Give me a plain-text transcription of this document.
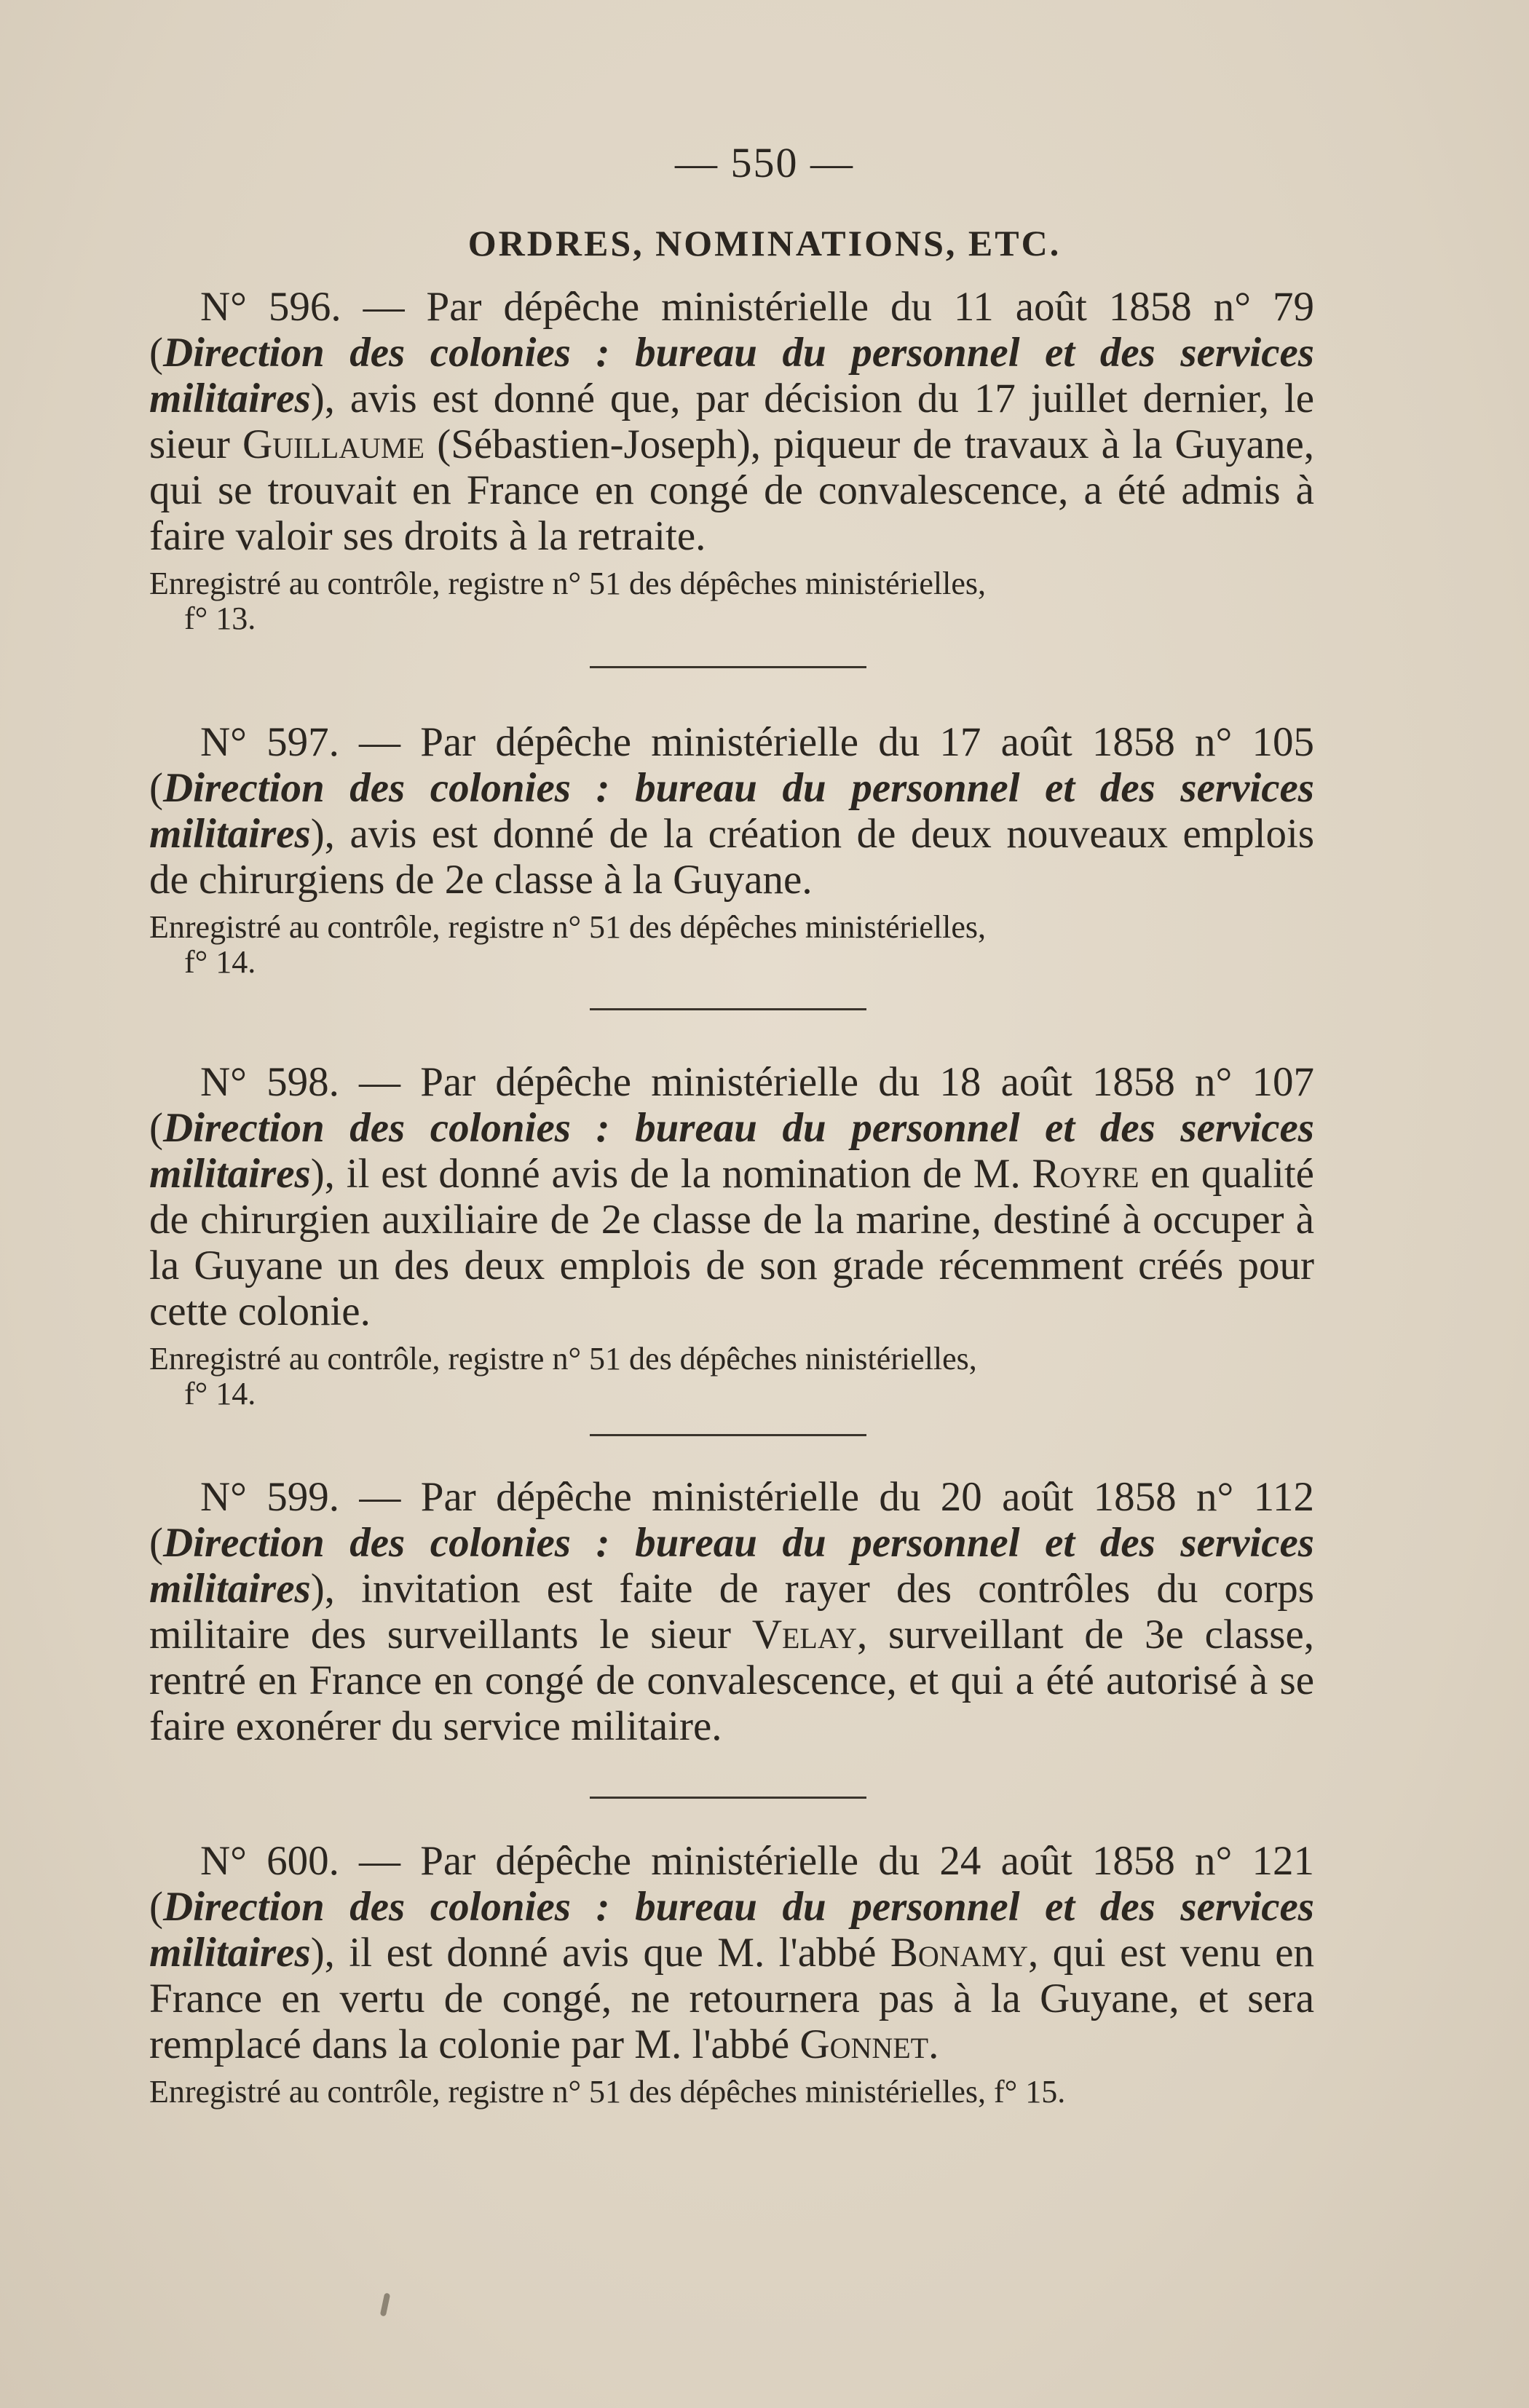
— 550 —
ORDRES, NOMINATIONS, ETC.

N° 596. — Par dépêche ministérielle du 11 août 1858 n° 79 (Direction des colonies : bureau du personnel et des services militaires), avis est donné que, par décision du 17 juillet dernier, le sieur Guillaume (Sébastien-Joseph), piqueur de travaux à la Guyane, qui se trouvait en France en congé de convalescence, a été admis à faire valoir ses droits à la retraite.

Enregistré au contrôle, registre n° 51 des dépêches ministérielles,
f° 13.

N° 597. — Par dépêche ministérielle du 17 août 1858 n° 105 (Direction des colonies : bureau du personnel et des services militaires), avis est donné de la création de deux nouveaux emplois de chirurgiens de 2e classe à la Guyane.

Enregistré au contrôle, registre n° 51 des dépêches ministérielles,
f° 14.

N° 598. — Par dépêche ministérielle du 18 août 1858 n° 107 (Direction des colonies : bureau du personnel et des services militaires), il est donné avis de la nomination de M. Royre en qualité de chirurgien auxiliaire de 2e classe de la marine, destiné à occuper à la Guyane un des deux emplois de son grade récemment créés pour cette colonie.

Enregistré au contrôle, registre n° 51 des dépêches ninistérielles,
f° 14.

N° 599. — Par dépêche ministérielle du 20 août 1858 n° 112 (Direction des colonies : bureau du personnel et des services militaires), invitation est faite de rayer des contrôles du corps militaire des surveillants le sieur Velay, surveillant de 3e classe, rentré en France en congé de convalescence, et qui a été autorisé à se faire exonérer du service militaire.

N° 600. — Par dépêche ministérielle du 24 août 1858 n° 121 (Direction des colonies : bureau du personnel et des services militaires), il est donné avis que M. l'abbé Bonamy, qui est venu en France en vertu de congé, ne retournera pas à la Guyane, et sera remplacé dans la colonie par M. l'abbé Gonnet.

Enregistré au contrôle, registre n° 51 des dépêches ministérielles, f° 15.
